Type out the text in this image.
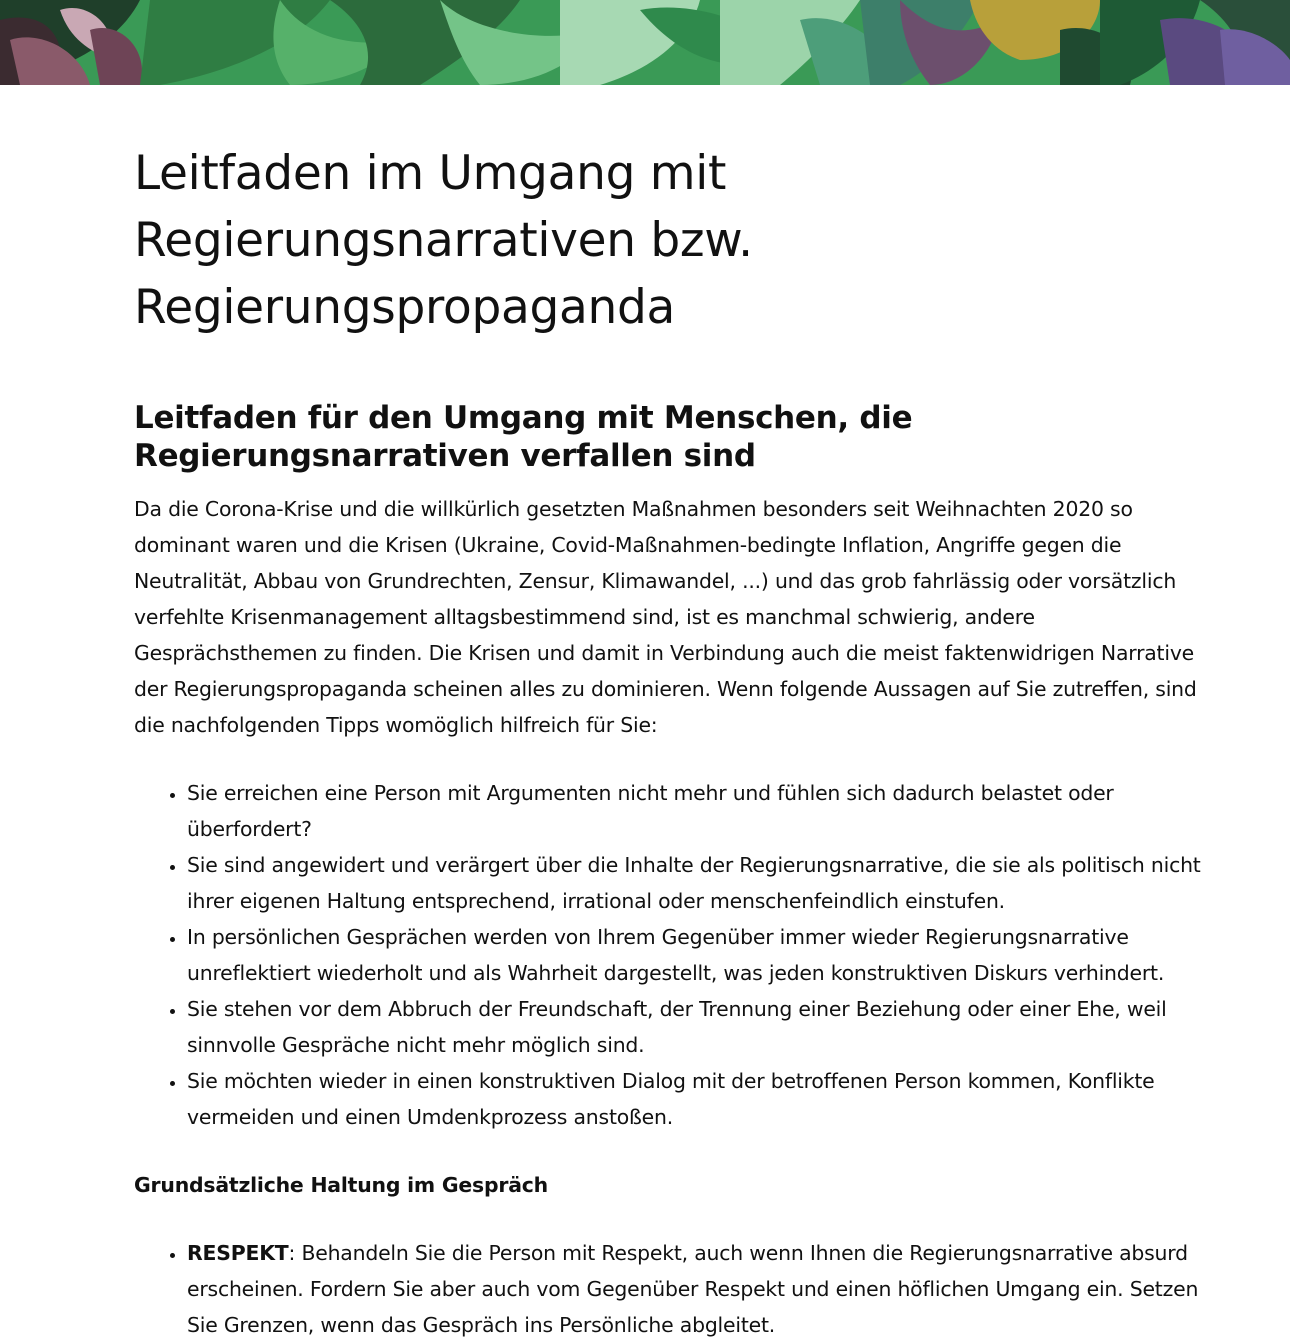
Leitfaden im Umgang mit Regierungsnarrativen bzw. Regierungspropaganda
Leitfaden für den Umgang mit Menschen, die Regierungsnarrativen verfallen sind

Da die Corona-Krise und die willkürlich gesetzten Maßnahmen besonders seit Weihnachten 2020 so dominant waren und die Krisen (Ukraine, Covid-Maßnahmen-bedingte Inflation, Angriffe gegen die Neutralität, Abbau von Grundrechten, Zensur, Klimawandel, ...) und das grob fahrlässig oder vorsätzlich verfehlte Krisenmanagement alltagsbestimmend sind, ist es manchmal schwierig, andere Gesprächsthemen zu finden. Die Krisen und damit in Verbindung auch die meist faktenwidrigen Narrative der Regierungspropaganda scheinen alles zu dominieren. Wenn folgende Aussagen auf Sie zutreffen, sind die nachfolgenden Tipps womöglich hilfreich für Sie:

• Sie erreichen eine Person mit Argumenten nicht mehr und fühlen sich dadurch belastet oder überfordert?
• Sie sind angewidert und verärgert über die Inhalte der Regierungsnarrative, die sie als politisch nicht ihrer eigenen Haltung entsprechend, irrational oder menschenfeindlich einstufen.
• In persönlichen Gesprächen werden von Ihrem Gegenüber immer wieder Regierungsnarrative unreflektiert wiederholt und als Wahrheit dargestellt, was jeden konstruktiven Diskurs verhindert.
• Sie stehen vor dem Abbruch der Freundschaft, der Trennung einer Beziehung oder einer Ehe, weil sinnvolle Gespräche nicht mehr möglich sind.
• Sie möchten wieder in einen konstruktiven Dialog mit der betroffenen Person kommen, Konflikte vermeiden und einen Umdenkprozess anstoßen.
Grundsätzliche Haltung im Gespräch
• RESPEKT: Behandeln Sie die Person mit Respekt, auch wenn Ihnen die Regierungsnarrative absurd erscheinen. Fordern Sie aber auch vom Gegenüber Respekt und einen höflichen Umgang ein. Setzen Sie Grenzen, wenn das Gespräch ins Persönliche abgleitet.
